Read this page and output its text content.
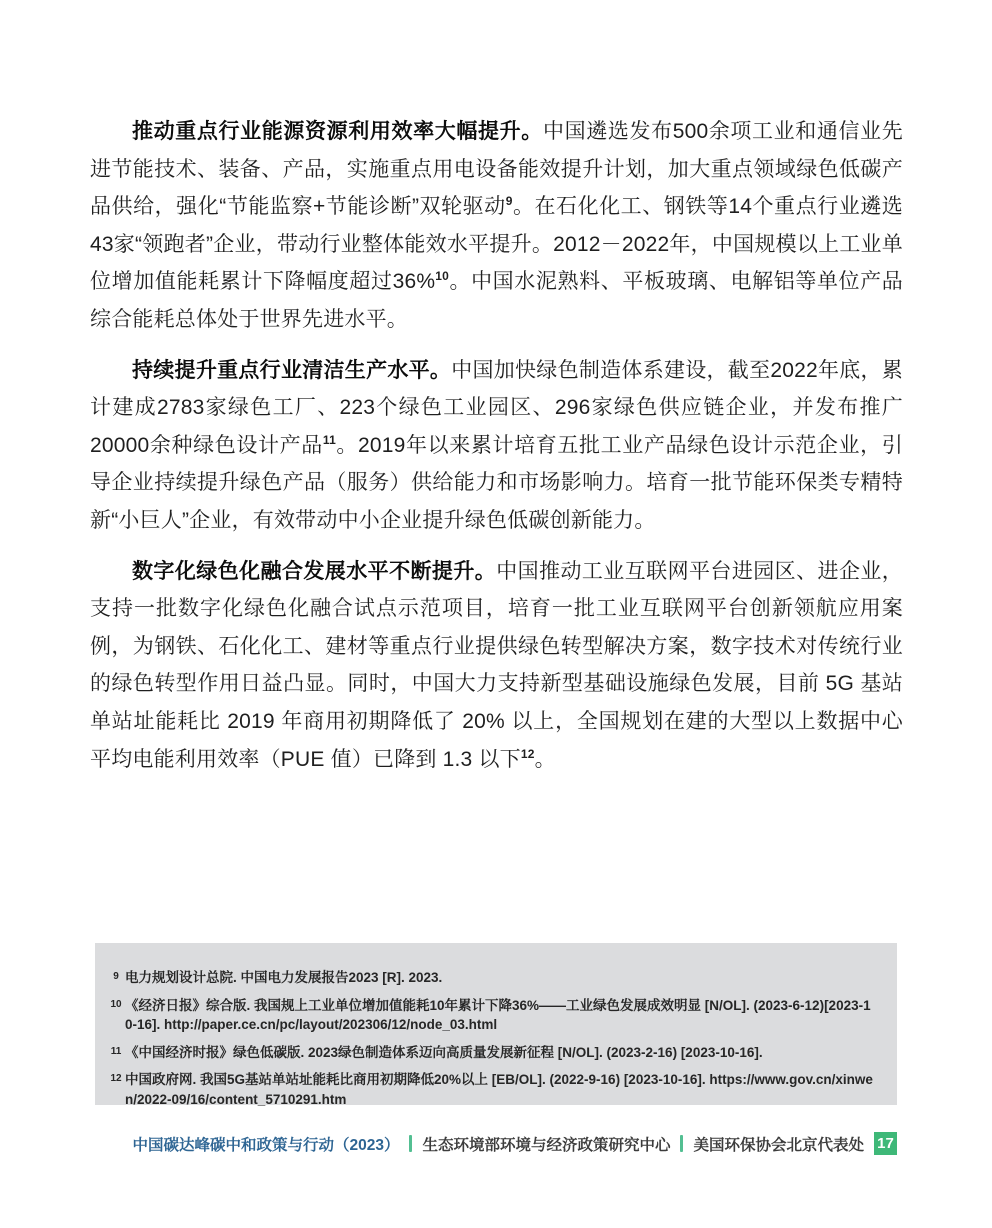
推动重点行业能源资源利用效率大幅提升。中国遴选发布500余项工业和通信业先进节能技术、装备、产品，实施重点用电设备能效提升计划，加大重点领域绿色低碳产品供给，强化“节能监察+节能诊断”双轮驱动$^9$。在石化化工、钢铁等14个重点行业遴选43家“领跑者”企业，带动行业整体能效水平提升。2012－2022年，中国规模以上工业单位增加值能耗累计下降幅度超过36%$^{10}$。中国水泥熟料、平板玻璃、电解铝等单位产品综合能耗总体处于世界先进水平。

持续提升重点行业清洁生产水平。中国加快绿色制造体系建设，截至2022年底，累计建成2783家绿色工厂、223个绿色工业园区、296家绿色供应链企业，并发布推广20000余种绿色设计产品$^{11}$。2019年以来累计培育五批工业产品绿色设计示范企业，引导企业持续提升绿色产品（服务）供给能力和市场影响力。培育一批节能环保类专精特新“小巨人”企业，有效带动中小企业提升绿色低碳创新能力。

数字化绿色化融合发展水平不断提升。中国推动工业互联网平台进园区、进企业，支持一批数字化绿色化融合试点示范项目，培育一批工业互联网平台创新领航应用案例，为钢铁、石化化工、建材等重点行业提供绿色转型解决方案，数字技术对传统行业的绿色转型作用日益凸显。同时，中国大力支持新型基础设施绿色发展，目前 5G 基站单站址能耗比 2019 年商用初期降低了 20% 以上，全国规划在建的大型以上数据中心平均电能利用效率（PUE 值）已降到 1.3 以下$^{12}$。

9 电力规划设计总院. 中国电力发展报告2023 [R]. 2023.
10 《经济日报》综合版. 我国规上工业单位增加值能耗10年累计下降36%——工业绿色发展成效明显 [N/OL]. (2023-6-12)[2023-10-16]. http://paper.ce.cn/pc/layout/202306/12/node_03.html
11 《中国经济时报》绿色低碳版. 2023绿色制造体系迈向高质量发展新征程 [N/OL]. (2023-2-16) [2023-10-16].
12 中国政府网. 我国5G基站单站址能耗比商用初期降低20%以上 [EB/OL]. (2022-9-16) [2023-10-16]. https://www.gov.cn/xinwen/2022-09/16/content_5710291.htm
中国碳达峰碳中和政策与行动（2023） 生态环境部环境与经济政策研究中心 美国环保协会北京代表处 17
